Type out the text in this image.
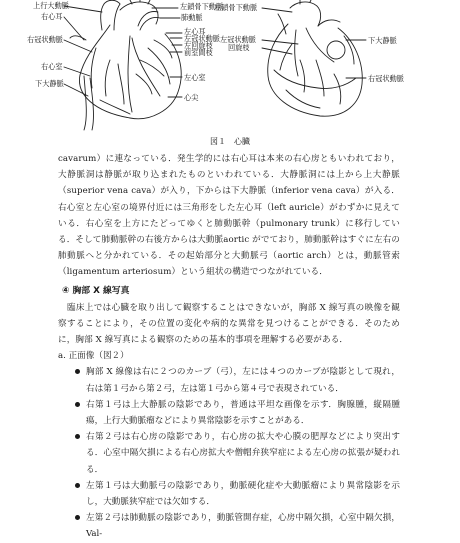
上行大動脈
右心耳
右冠状動脈
右心室
下大静脈
左鎖骨下動脈
肺動脈
左心耳
左冠状動脈
左回旋枝
前室間枝
左心室
心尖
左鎖骨下動脈
左冠状動脈
回旋枝
下大静脈
右冠状動脈
図１　心臓

cavarum）に連なっている．発生学的には右心耳は本来の右心房ともいわれており，大静脈洞は静脈が取り込まれたものといわれている．大静脈洞には上から上大静脈（superior vena cava）が入り，下からは下大静脈（inferior vena cava）が入る．右心室と左心室の境界付近には三角形をした左心耳（left auricle）がわずかに見えている．右心室を上方にたどってゆくと肺動脈幹（pulmonary trunk）に移行している．そして肺動脈幹の右後方からは大動脈aortic がでており，肺動脈幹はすぐに左右の肺動脈へと分かれている．その起始部分と大動脈弓（aortic arch）とは，動脈管索（ligamentum arteriosum）という組状の構造でつながれている．

④ 胸部 X 線写真

臨床上では心臓を取り出して観察することはできないが，胸部 X 線写真の映像を観察することにより，その位置の変化や病的な異常を見つけることができる．そのために，胸部 X 線写真による観察のための基本的事項を理解する必要がある．

a. 正面像（図２）
胸部 X 線像は右に２つのカーブ（弓），左には４つのカーブが陰影として現れ，右は第１弓から第２弓，左は第１弓から第４弓で表現されている．
右第１弓は上大静脈の陰影であり，普通は平坦な画像を示す．胸腺腫，縦隔腫瘍，上行大動脈瘤などにより異常陰影を示すことがある．
右第２弓は右心房の陰影であり，右心房の拡大や心膜の肥厚などにより突出する．心室中隔欠損による右心房拡大や僧帽弁狭窄症による左心房の拡張が疑われる．
左第１弓は大動脈弓の陰影であり，動脈硬化症や大動脈瘤により異常陰影を示し，大動脈狭窄症では欠如する．
左第２弓は肺動脈の陰影であり，動脈管開存症，心房中隔欠損，心室中隔欠損，Val-
